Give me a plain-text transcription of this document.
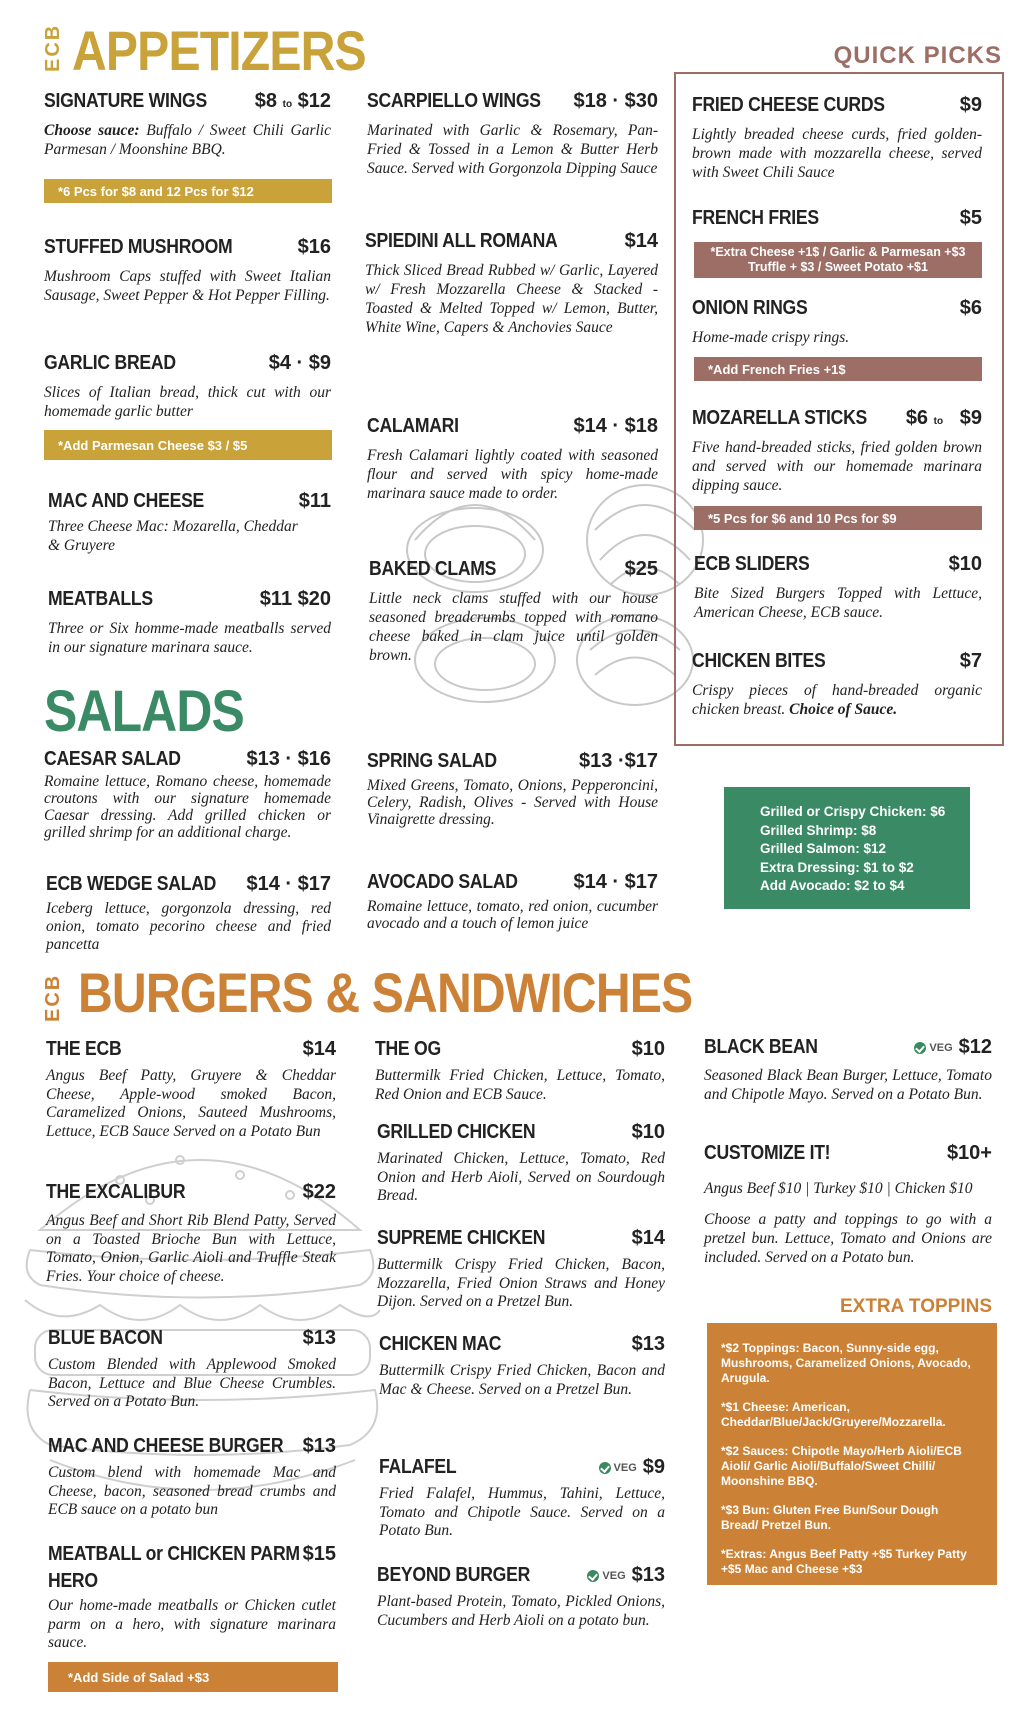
ECB APPETIZERS	QUICK PICKS
SIGNATURE WINGS $8 to $12
Choose sauce: Buffalo / Sweet Chili Garlic Parmesan / Moonshine BBQ.
*6 Pcs for $8 and 12 Pcs for $12
STUFFED MUSHROOM	$16
Mushroom Caps stuffed with Sweet Italian Sausage, Sweet Pepper & Hot Pepper Filling.
GARLIC BREAD	$4 · $9
Slices of Italian bread, thick cut with our homemade garlic butter
*Add Parmesan Cheese $3 / $5
MAC AND CHEESE	$11
Three Cheese Mac: Mozarella, Cheddar & Gruyere
MEATBALLS	$11 $20
Three or Six homme-made meatballs served in our signature marinara sauce.
SCARPIELLO WINGS $18 · $30
Marinated with Garlic & Rosemary, Pan-Fried & Tossed in a Lemon & Butter Herb Sauce. Served with Gorgonzola Dipping Sauce
SPIEDINI ALL ROMANA	$14
Thick Sliced Bread Rubbed w/ Garlic, Layered w/ Fresh Mozzarella Cheese & Stacked - Toasted & Melted Topped w/ Lemon, Butter, White Wine, Capers & Anchovies Sauce
CALAMARI	$14 · $18
Fresh Calamari lightly coated with seasoned flour and served with spicy home-made marinara sauce made to order.
BAKED CLAMS	$25
Little neck clams stuffed with our house seasoned breadcrumbs topped with romano cheese baked in clam juice until golden brown.
FRIED CHEESE CURDS	$9
Lightly breaded cheese curds, fried golden-brown made with mozzarella cheese, served with Sweet Chili Sauce
FRENCH FRIES	$5
*Extra Cheese +1$ / Garlic & Parmesan +$3 Truffle + $3 / Sweet Potato +$1
ONION RINGS	$6
Home-made crispy rings.
*Add French Fries +1$
MOZARELLA STICKS $6 to $9
Five hand-breaded sticks, fried golden brown and served with our homemade marinara dipping sauce.
*5 Pcs for $6 and 10 Pcs for $9
ECB SLIDERS	$10
Bite Sized Burgers Topped with Lettuce, American Cheese, ECB sauce.
CHICKEN BITES	$7
Crispy pieces of hand-breaded organic chicken breast. Choice of Sauce.
SALADS
CAESAR SALAD	$13 · $16
Romaine lettuce, Romano cheese, homemade croutons with our signature homemade Caesar dressing. Add grilled chicken or grilled shrimp for an additional charge.
ECB WEDGE SALAD $14 · $17
Iceberg lettuce, gorgonzola dressing, red onion, tomato pecorino cheese and fried pancetta
SPRING SALAD	$13 ·$17
Mixed Greens, Tomato, Onions, Pepperoncini, Celery, Radish, Olives - Served with House Vinaigrette dressing.
AVOCADO SALAD	$14 · $17
Romaine lettuce, tomato, red onion, cucumber avocado and a touch of lemon juice
Grilled or Crispy Chicken: $6
Grilled Shrimp: $8
Grilled Salmon: $12
Extra Dressing: $1 to $2
Add Avocado: $2 to $4
ECB BURGERS & SANDWICHES
THE ECB	$14
Angus Beef Patty, Gruyere & Cheddar Cheese, Apple-wood smoked Bacon, Caramelized Onions, Sauteed Mushrooms, Lettuce, ECB Sauce Served on a Potato Bun
THE EXCALIBUR	$22
Angus Beef and Short Rib Blend Patty, Served on a Toasted Brioche Bun with Lettuce, Tomato, Onion, Garlic Aioli and Truffle Steak Fries. Your choice of cheese.
BLUE BACON	$13
Custom Blended with Applewood Smoked Bacon, Lettuce and Blue Cheese Crumbles. Served on a Potato Bun.
MAC AND CHEESE BURGER $13
Custom blend with homemade Mac and Cheese, bacon, seasoned bread crumbs and ECB sauce on a potato bun
MEATBALL or CHICKEN PARM $15
HERO
Our home-made meatballs or Chicken cutlet parm on a hero, with signature marinara sauce.
*Add Side of Salad +$3
THE OG	$10
Buttermilk Fried Chicken, Lettuce, Tomato, Red Onion and ECB Sauce.
GRILLED CHICKEN	$10
Marinated Chicken, Lettuce, Tomato, Red Onion and Herb Aioli, Served on Sourdough Bread.
SUPREME CHICKEN	$14
Buttermilk Crispy Fried Chicken, Bacon, Mozzarella, Fried Onion Straws and Honey Dijon. Served on a Pretzel Bun.
CHICKEN MAC	$13
Buttermilk Crispy Fried Chicken, Bacon and Mac & Cheese. Served on a Pretzel Bun.
FALAFEL	VEG $9
Fried Falafel, Hummus, Tahini, Lettuce, Tomato and Chipotle Sauce. Served on a Potato Bun.
BEYOND BURGER	VEG $13
Plant-based Protein, Tomato, Pickled Onions, Cucumbers and Herb Aioli on a potato bun.
BLACK BEAN	VEG $12
Seasoned Black Bean Burger, Lettuce, Tomato and Chipotle Mayo. Served on a Potato Bun.
CUSTOMIZE IT!	$10+
Angus Beef $10 | Turkey $10 | Chicken $10
Choose a patty and toppings to go with a pretzel bun. Lettuce, Tomato and Onions are included. Served on a Potato bun.
EXTRA TOPPINS
*$2 Toppings: Bacon, Sunny-side egg, Mushrooms, Caramelized Onions, Avocado, Arugula.
*$1 Cheese: American, Cheddar/Blue/Jack/Gruyere/Mozzarella.
*$2 Sauces: Chipotle Mayo/Herb Aioli/ECB Aioli/ Garlic Aioli/Buffalo/Sweet Chilli/ Moonshine BBQ.
*$3 Bun: Gluten Free Bun/Sour Dough Bread/ Pretzel Bun.
*Extras: Angus Beef Patty +$5 Turkey Patty +$5 Mac and Cheese +$3
